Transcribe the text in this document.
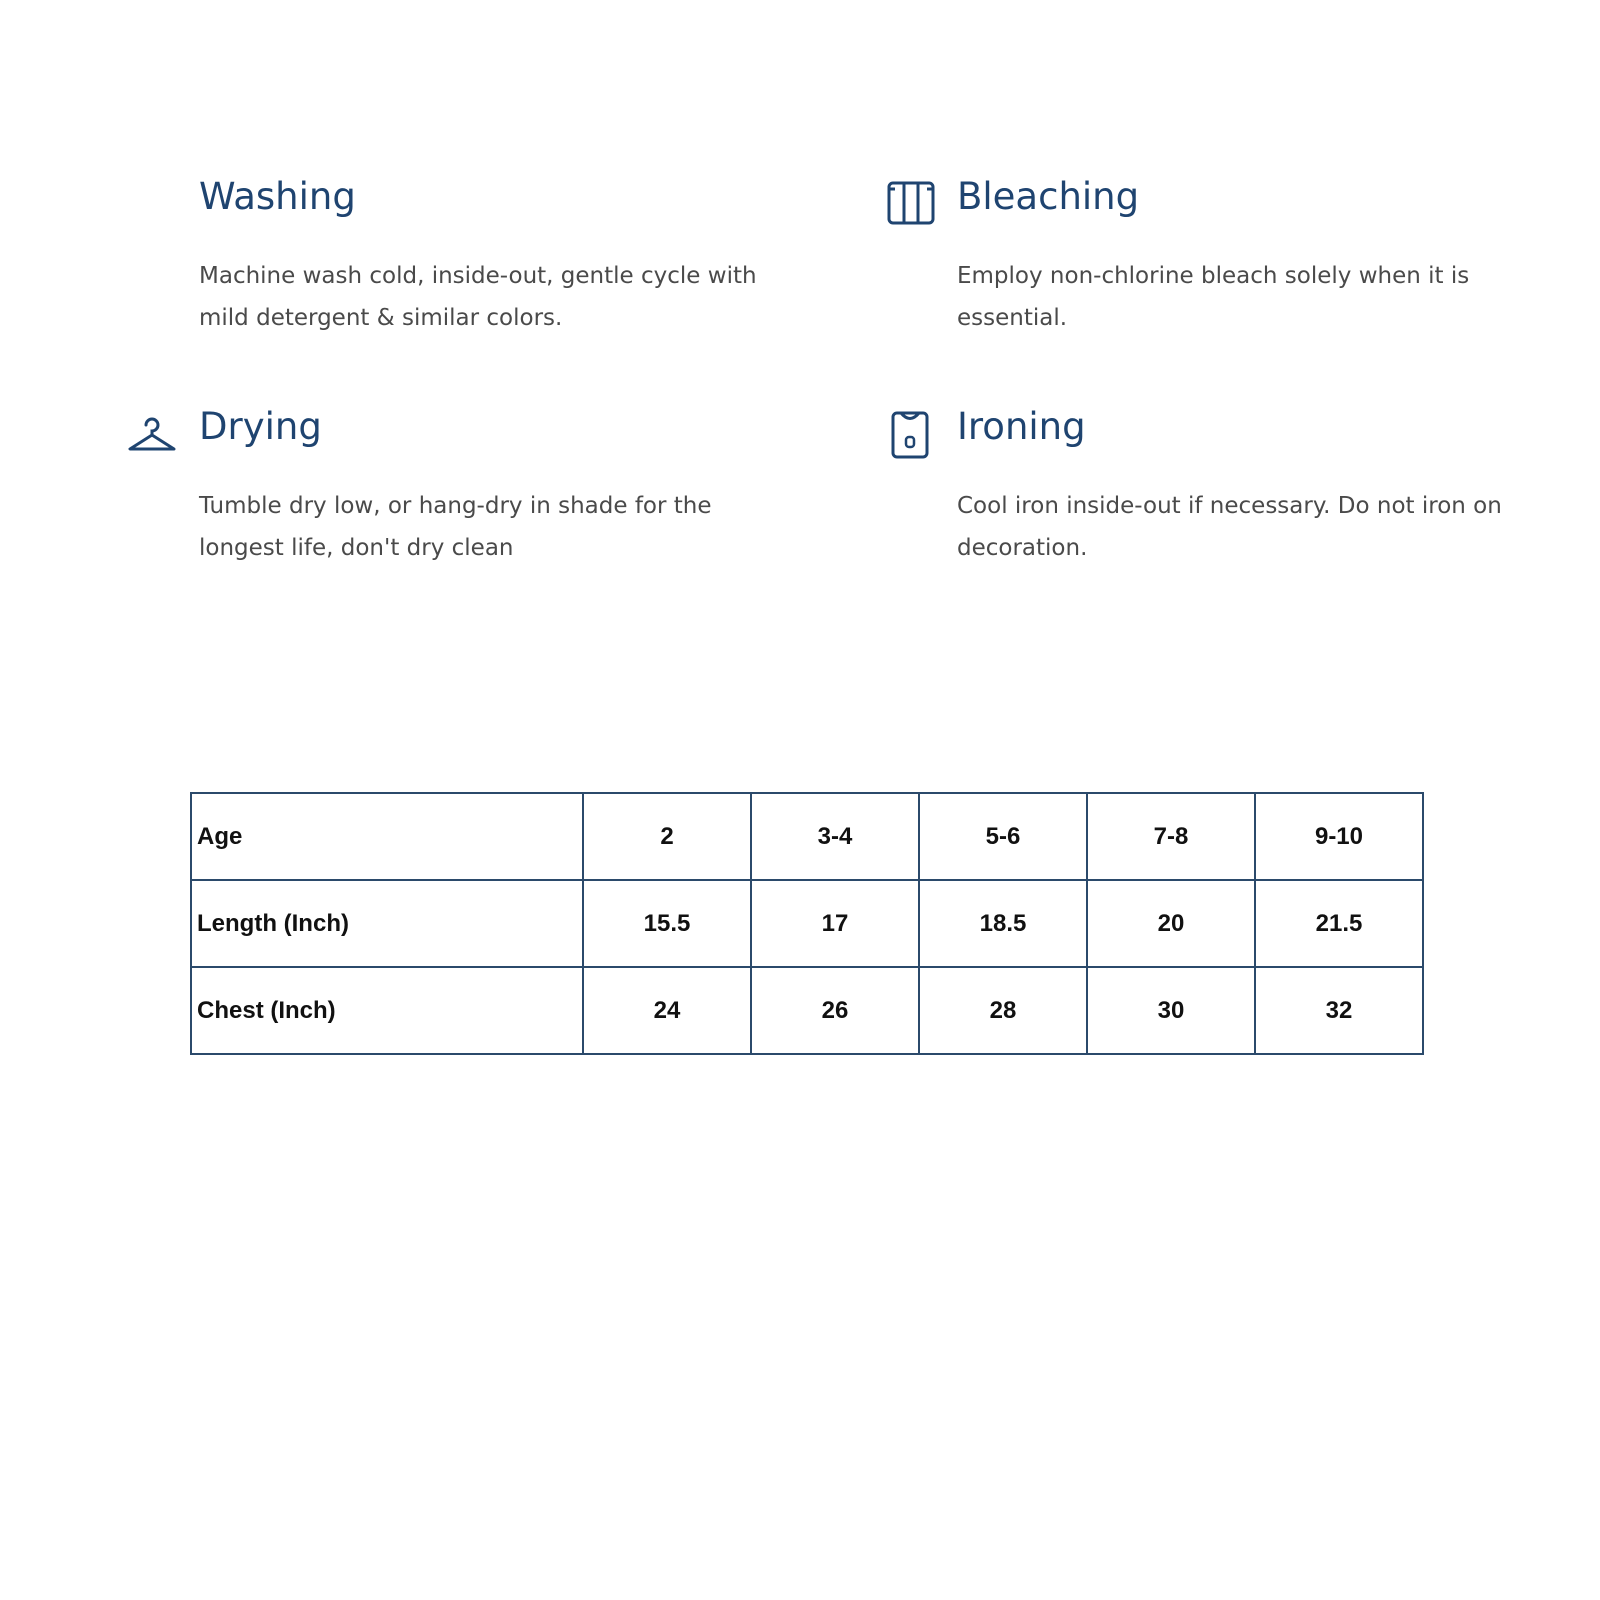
Washing
Machine wash cold, inside-out, gentle cycle with mild detergent & similar colors.
Bleaching
Employ non-chlorine bleach solely when it is essential.
Drying
Tumble dry low, or hang-dry in shade for the longest life, don't dry clean
Ironing
Cool iron inside-out if necessary. Do not iron on decoration.
Age	2	3-4	5-6	7-8	9-10
Length (Inch)	15.5	17	18.5	20	21.5
Chest (Inch)	24	26	28	30	32
